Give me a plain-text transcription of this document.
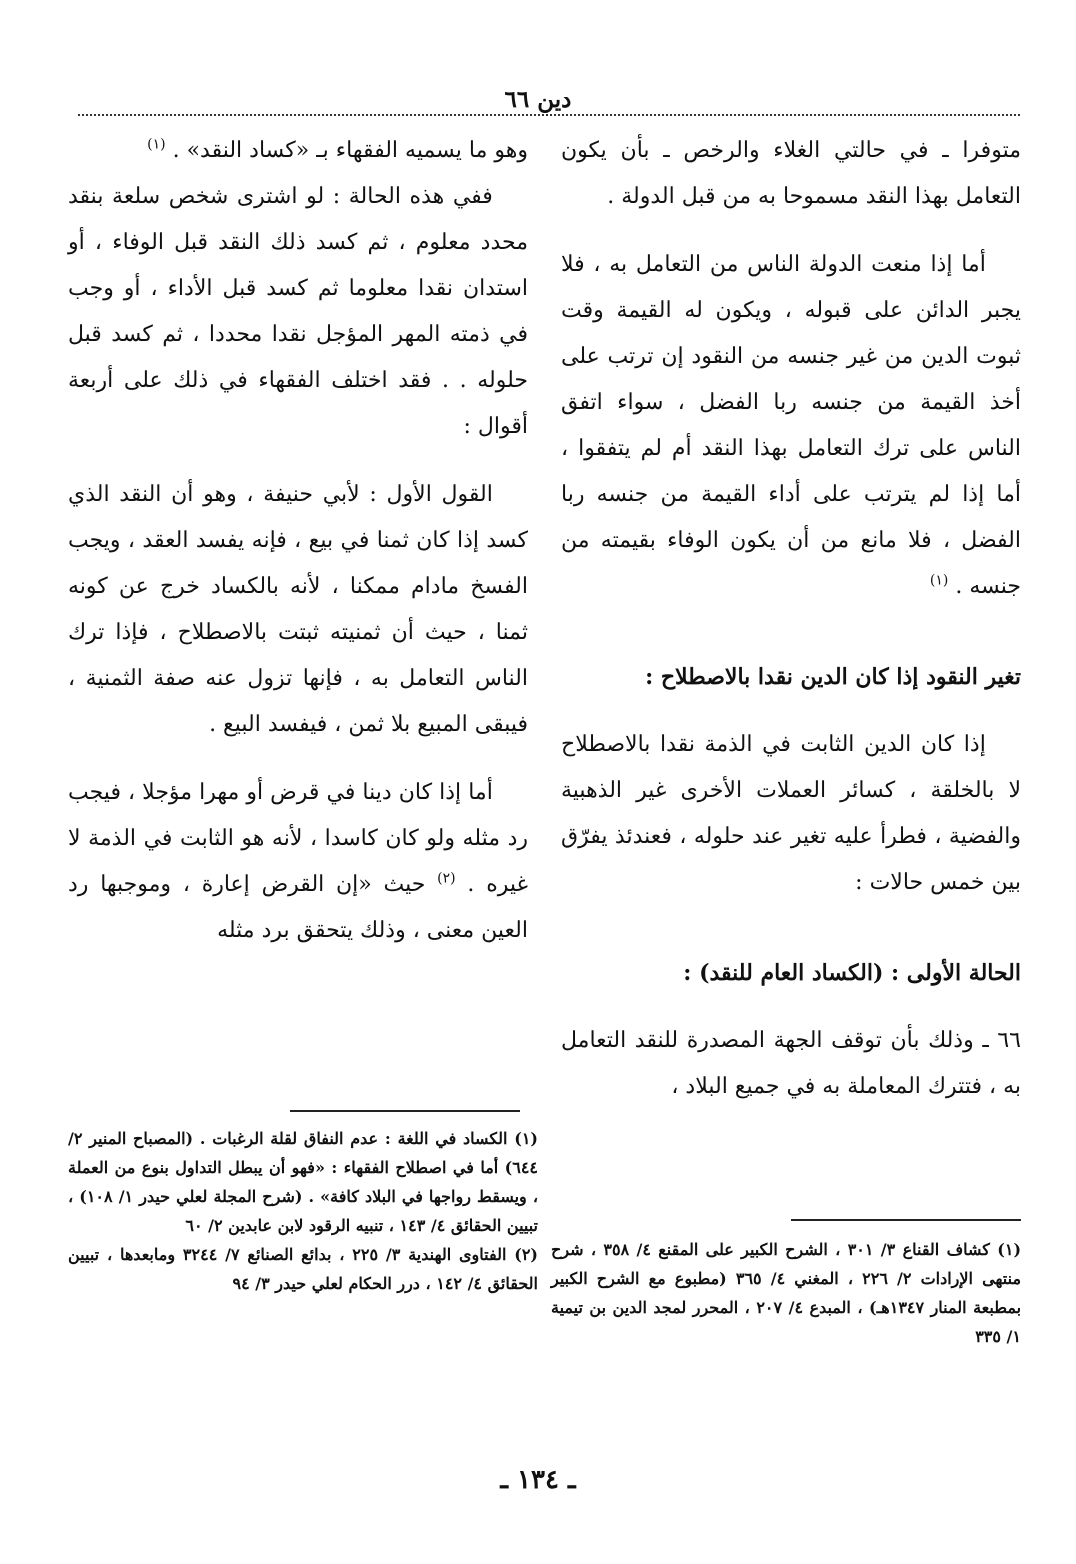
دين ٦٦

متوفرا ـ في حالتي الغلاء والرخص ـ بأن يكون التعامل بهذا النقد مسموحا به من قبل الدولة .

أما إذا منعت الدولة الناس من التعامل به ، فلا يجبر الدائن على قبوله ، ويكون له القيمة وقت ثبوت الدين من غير جنسه من النقود إن ترتب على أخذ القيمة من جنسه ربا الفضل ، سواء اتفق الناس على ترك التعامل بهذا النقد أم لم يتفقوا ، أما إذا لم يترتب على أداء القيمة من جنسه ربا الفضل ، فلا مانع من أن يكون الوفاء بقيمته من جنسه . $^{(١)}$

تغير النقود إذا كان الدين نقدا بالاصطلاح :

إذا كان الدين الثابت في الذمة نقدا بالاصطلاح لا بالخلقة ، كسائر العملات الأخرى غير الذهبية والفضية ، فطرأ عليه تغير عند حلوله ، فعندئذ يفرّق بين خمس حالات :

الحالة الأولى : (الكساد العام للنقد) :

٦٦ ـ وذلك بأن توقف الجهة المصدرة للنقد التعامل به ، فتترك المعاملة به في جميع البلاد ،

وهو ما يسميه الفقهاء بـ «كساد النقد» . $^{(١)}$

ففي هذه الحالة : لو اشترى شخص سلعة بنقد محدد معلوم ، ثم كسد ذلك النقد قبل الوفاء ، أو استدان نقدا معلوما ثم كسد قبل الأداء ، أو وجب في ذمته المهر المؤجل نقدا محددا ، ثم كسد قبل حلوله . . فقد اختلف الفقهاء في ذلك على أربعة أقوال :

القول الأول : لأبي حنيفة ، وهو أن النقد الذي كسد إذا كان ثمنا في بيع ، فإنه يفسد العقد ، ويجب الفسخ مادام ممكنا ، لأنه بالكساد خرج عن كونه ثمنا ، حيث أن ثمنيته ثبتت بالاصطلاح ، فإذا ترك الناس التعامل به ، فإنها تزول عنه صفة الثمنية ، فيبقى المبيع بلا ثمن ، فيفسد البيع .

أما إذا كان دينا في قرض أو مهرا مؤجلا ، فيجب رد مثله ولو كان كاسدا ، لأنه هو الثابت في الذمة لا غيره . $^{(٢)}$ حيث «إن القرض إعارة ، وموجبها رد العين معنى ، وذلك يتحقق برد مثله

(١) كشاف القناع ٣/ ٣٠١ ، الشرح الكبير على المقنع ٤/ ٣٥٨ ، شرح منتهى الإرادات ٢/ ٢٢٦ ، المغني ٤/ ٣٦٥ (مطبوع مع الشرح الكبير بمطبعة المنار ١٣٤٧هـ) ، المبدع ٤/ ٢٠٧ ، المحرر لمجد الدين بن تيمية ١/ ٣٣٥

(١) الكساد في اللغة : عدم النفاق لقلة الرغبات . (المصباح المنير ٢/ ٦٤٤) أما في اصطلاح الفقهاء : «فهو أن يبطل التداول بنوع من العملة ، ويسقط رواجها في البلاد كافة» . (شرح المجلة لعلي حيدر ١/ ١٠٨) ، تبيين الحقائق ٤/ ١٤٣ ، تنبيه الرقود لابن عابدين ٢/ ٦٠

(٢) الفتاوى الهندية ٣/ ٢٢٥ ، بدائع الصنائع ٧/ ٣٢٤٤ ومابعدها ، تبيين الحقائق ٤/ ١٤٢ ، درر الحكام لعلي حيدر ٣/ ٩٤

ـ ١٣٤ ـ
